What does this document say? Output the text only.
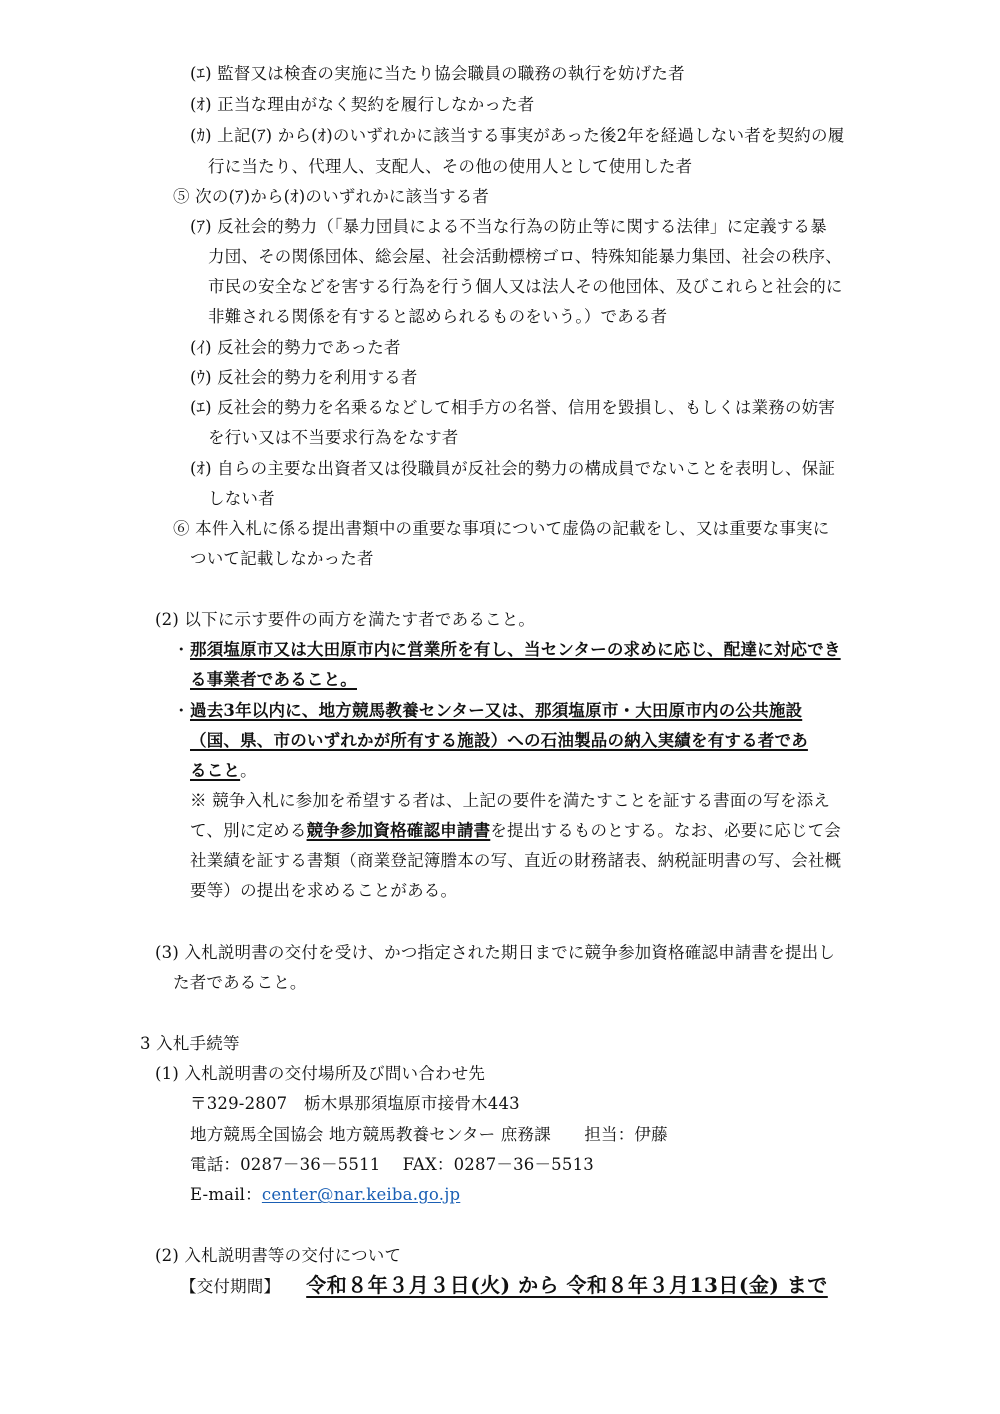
(ｴ) 監督又は検査の実施に当たり協会職員の職務の執行を妨げた者
(ｵ) 正当な理由がなく契約を履行しなかった者
(ｶ) 上記(ｱ) から(ｵ)のいずれかに該当する事実があった後2年を経過しない者を契約の履
行に当たり、代理人、支配人、その他の使用人として使用した者
⑤ 次の(ｱ)から(ｵ)のいずれかに該当する者
(ｱ) 反社会的勢力（「暴力団員による不当な行為の防止等に関する法律」に定義する暴
力団、その関係団体、総会屋、社会活動標榜ゴロ、特殊知能暴力集団、社会の秩序、
市民の安全などを害する行為を行う個人又は法人その他団体、及びこれらと社会的に
非難される関係を有すると認められるものをいう。）である者
(ｲ) 反社会的勢力であった者
(ｳ) 反社会的勢力を利用する者
(ｴ) 反社会的勢力を名乗るなどして相手方の名誉、信用を毀損し、もしくは業務の妨害
を行い又は不当要求行為をなす者
(ｵ) 自らの主要な出資者又は役職員が反社会的勢力の構成員でないことを表明し、保証
しない者
⑥ 本件入札に係る提出書類中の重要な事項について虚偽の記載をし、又は重要な事実に
ついて記載しなかった者
(2) 以下に示す要件の両方を満たす者であること。
・ 那須塩原市又は大田原市内に営業所を有し、当センターの求めに応じ、配達に対応でき
る事業者であること。
・ 過去3年以内に、地方競馬教養センター又は、那須塩原市・大田原市内の公共施設
（国、県、市のいずれかが所有する施設）への石油製品の納入実績を有する者であ
ること。
※ 競争入札に参加を希望する者は、上記の要件を満たすことを証する書面の写を添え
て、別に定める競争参加資格確認申請書を提出するものとする。なお、必要に応じて会
社業績を証する書類（商業登記簿謄本の写、直近の財務諸表、納税証明書の写、会社概
要等）の提出を求めることがある。
(3) 入札説明書の交付を受け、かつ指定された期日までに競争参加資格確認申請書を提出し
た者であること。
3 入札手続等
(1) 入札説明書の交付場所及び問い合わせ先
〒329-2807　栃木県那須塩原市接骨木443
地方競馬全国協会 地方競馬教養センター 庶務課　　担当：伊藤
電話：0287－36－5511　 FAX：0287－36－5513
E-mail：center@nar.keiba.go.jp
(2) 入札説明書等の交付について
【交付期間】 令和８年３月３日(火) から 令和８年３月13日(金) まで
